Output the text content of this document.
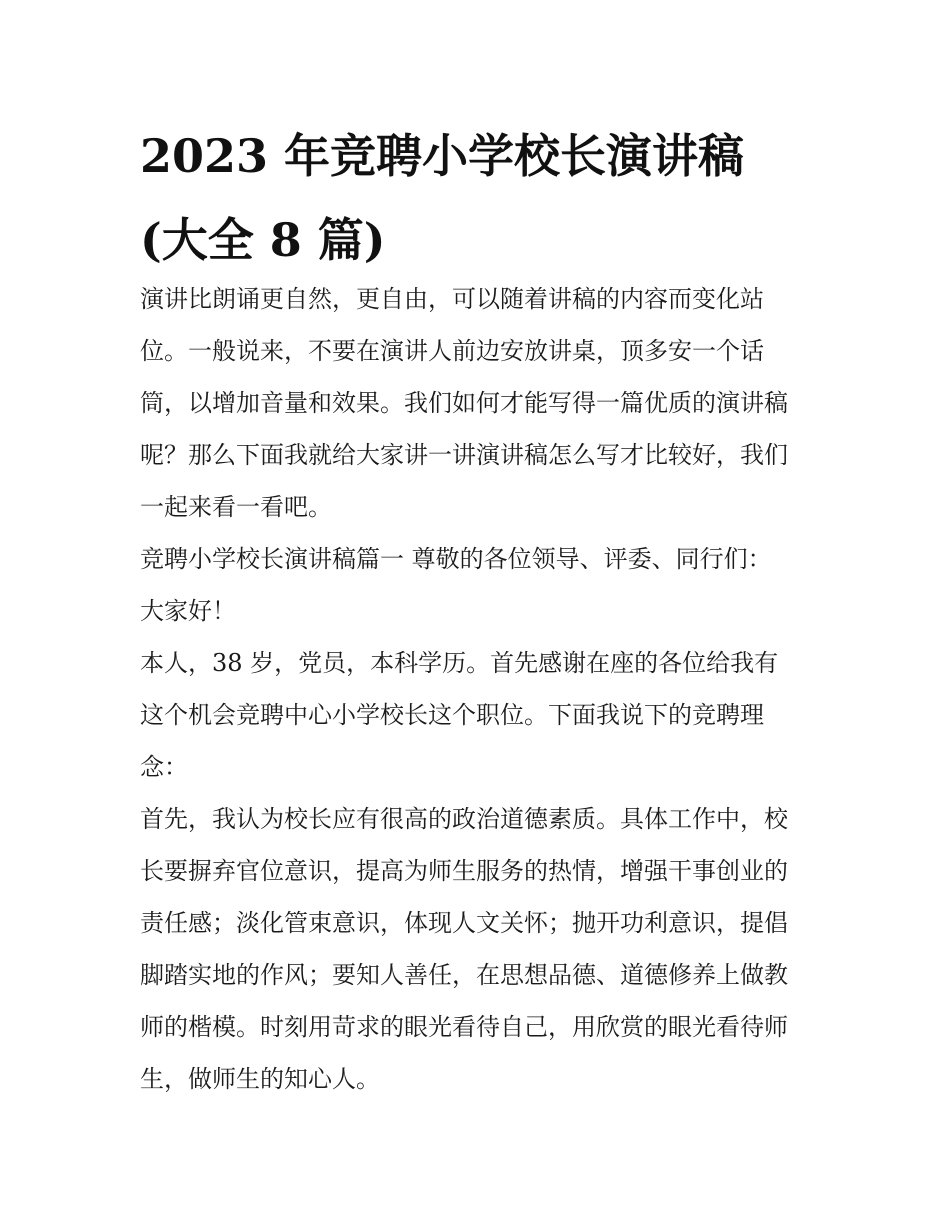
2023 年竞聘小学校长演讲稿
(大全 8 篇)
演讲比朗诵更自然，更自由，可以随着讲稿的内容而变化站
位。一般说来，不要在演讲人前边安放讲桌，顶多安一个话
筒，以增加音量和效果。我们如何才能写得一篇优质的演讲稿
呢？那么下面我就给大家讲一讲演讲稿怎么写才比较好，我们
一起来看一看吧。
竞聘小学校长演讲稿篇一 尊敬的各位领导、评委、同行们：
大家好！
本人，38 岁，党员，本科学历。首先感谢在座的各位给我有
这个机会竞聘中心小学校长这个职位。下面我说下的竞聘理
念：
首先，我认为校长应有很高的政治道德素质。具体工作中，校
长要摒弃官位意识，提高为师生服务的热情，增强干事创业的
责任感；淡化管束意识，体现人文关怀；抛开功利意识，提倡
脚踏实地的作风；要知人善任，在思想品德、道德修养上做教
师的楷模。时刻用苛求的眼光看待自己，用欣赏的眼光看待师
生，做师生的知心人。
